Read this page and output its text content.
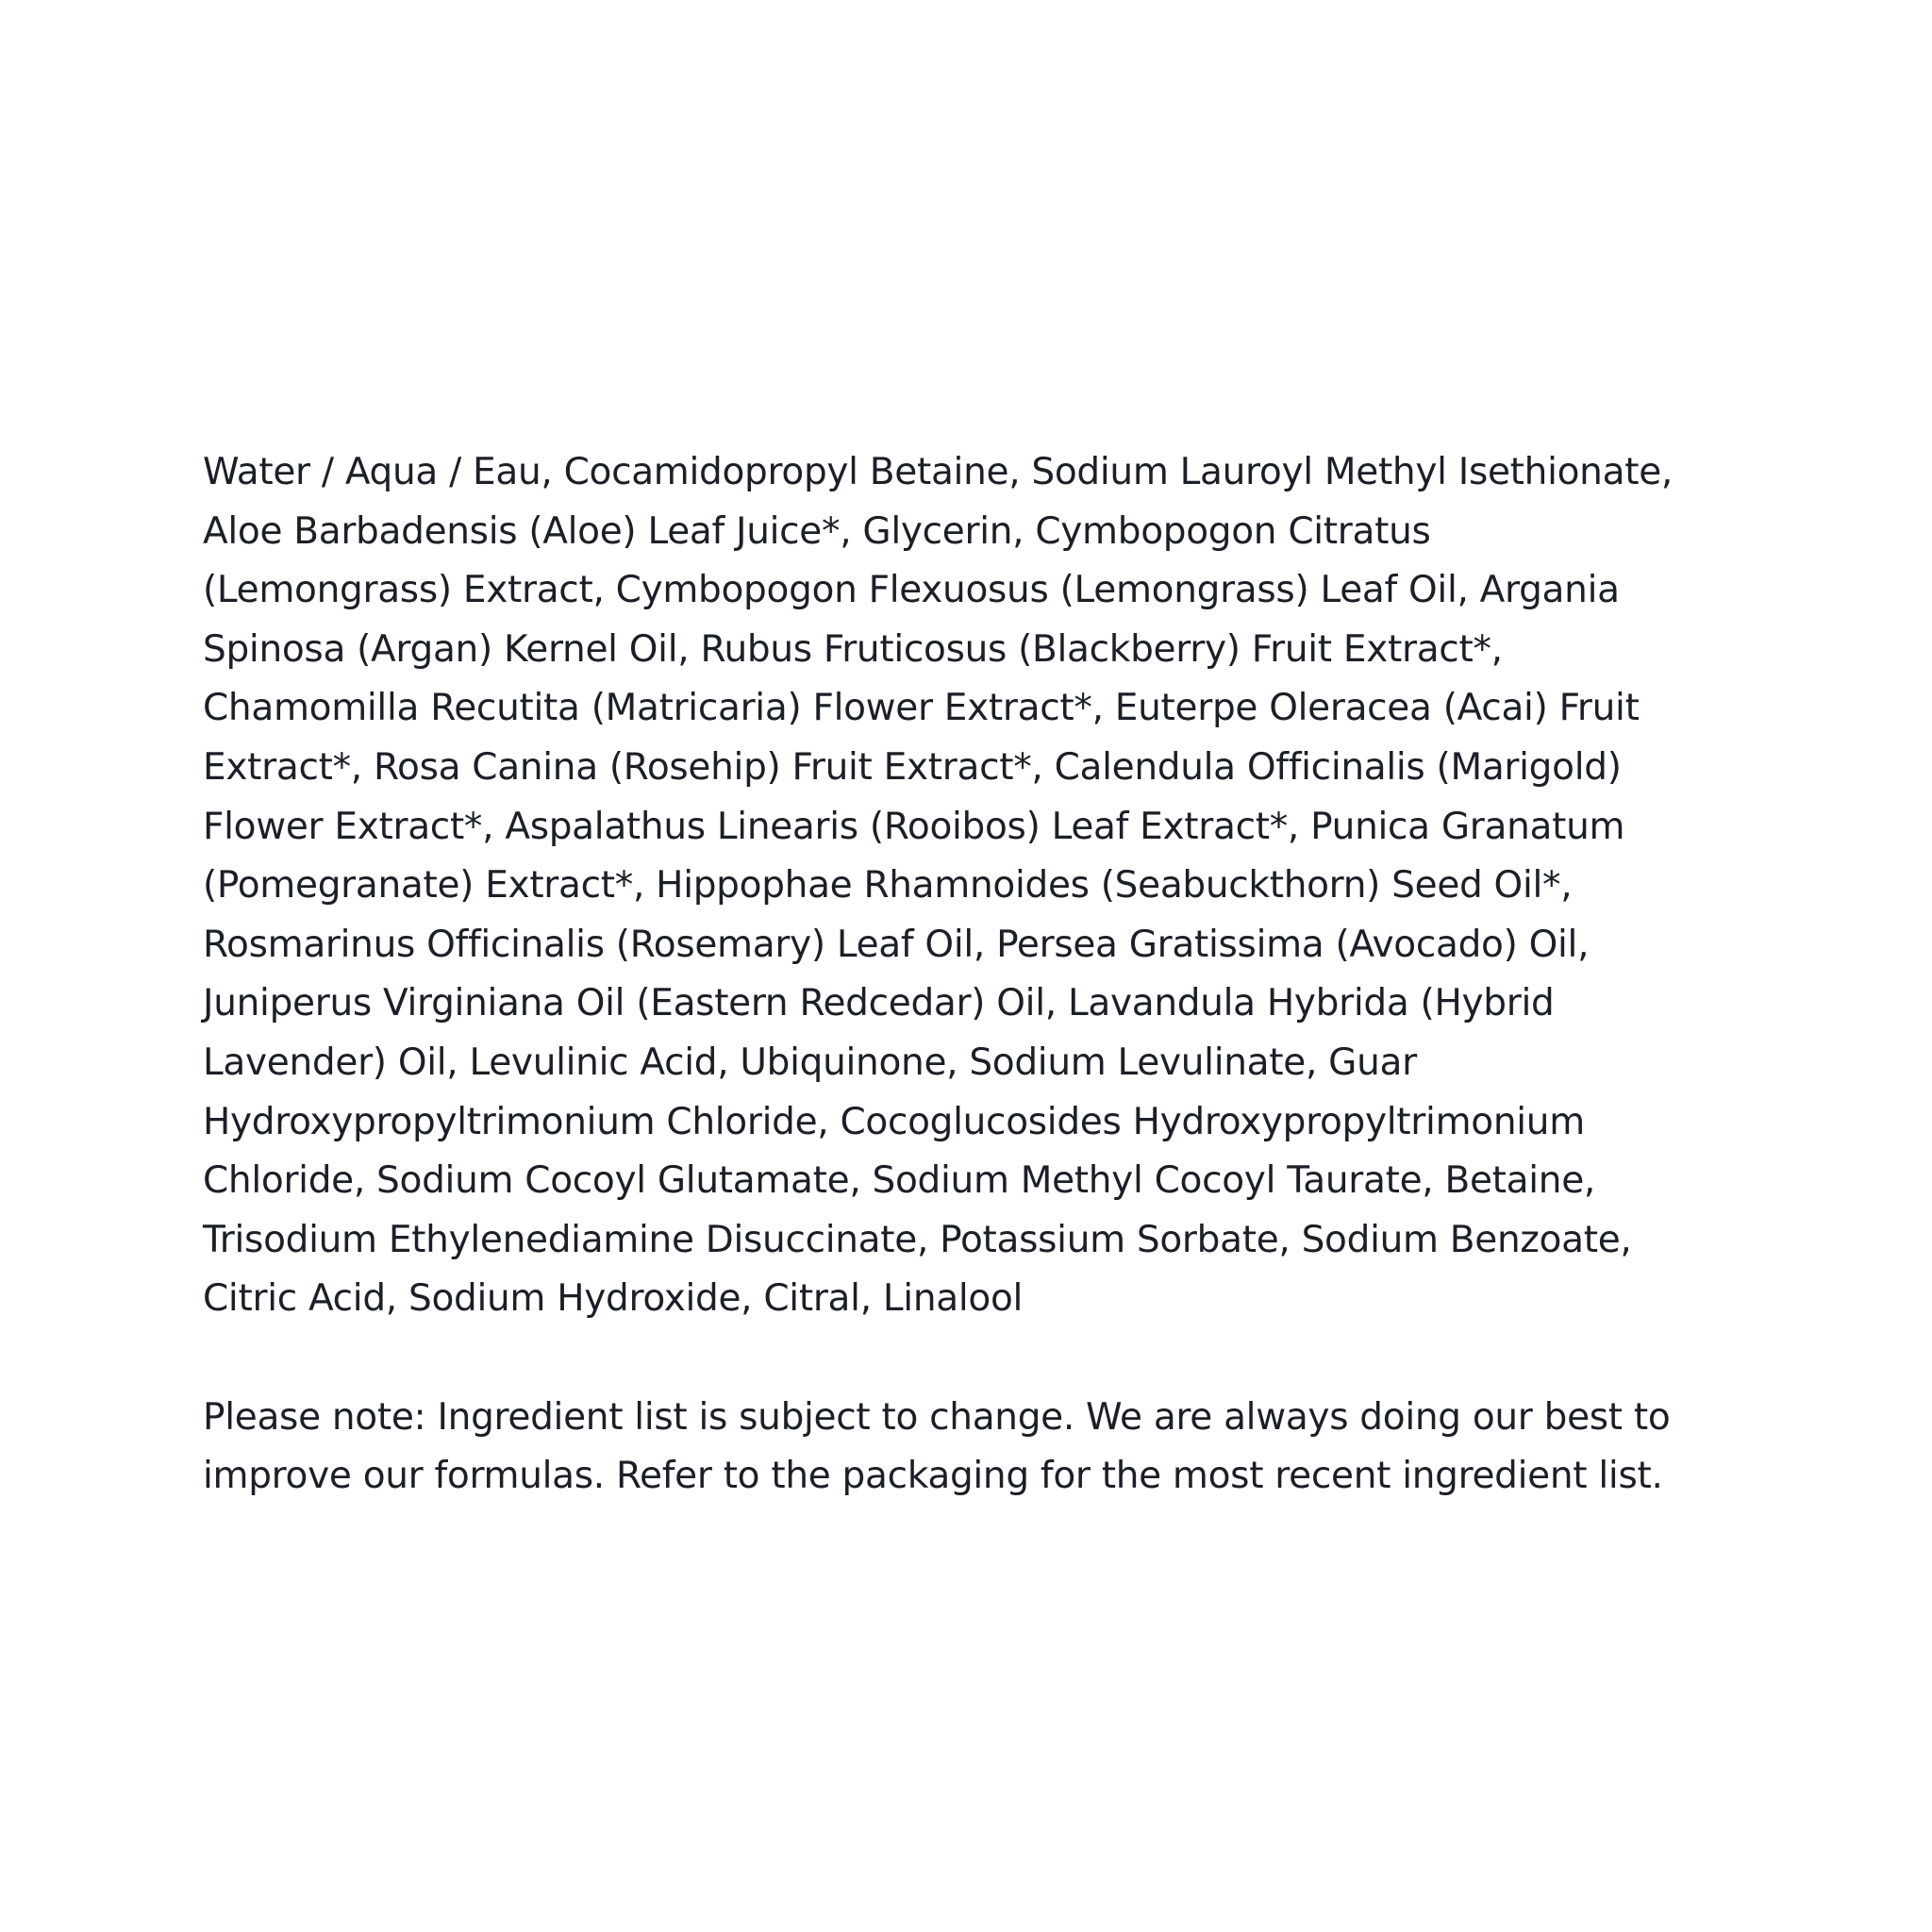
Water / Aqua / Eau, Cocamidopropyl Betaine, Sodium Lauroyl Methyl Isethionate,
Aloe Barbadensis (Aloe) Leaf Juice*, Glycerin, Cymbopogon Citratus
(Lemongrass) Extract, Cymbopogon Flexuosus (Lemongrass) Leaf Oil, Argania
Spinosa (Argan) Kernel Oil, Rubus Fruticosus (Blackberry) Fruit Extract*,
Chamomilla Recutita (Matricaria) Flower Extract*, Euterpe Oleracea (Acai) Fruit
Extract*, Rosa Canina (Rosehip) Fruit Extract*, Calendula Officinalis (Marigold)
Flower Extract*, Aspalathus Linearis (Rooibos) Leaf Extract*, Punica Granatum
(Pomegranate) Extract*, Hippophae Rhamnoides (Seabuckthorn) Seed Oil*,
Rosmarinus Officinalis (Rosemary) Leaf Oil, Persea Gratissima (Avocado) Oil,
Juniperus Virginiana Oil (Eastern Redcedar) Oil, Lavandula Hybrida (Hybrid
Lavender) Oil, Levulinic Acid, Ubiquinone, Sodium Levulinate, Guar
Hydroxypropyltrimonium Chloride, Cocoglucosides Hydroxypropyltrimonium
Chloride, Sodium Cocoyl Glutamate, Sodium Methyl Cocoyl Taurate, Betaine,
Trisodium Ethylenediamine Disuccinate, Potassium Sorbate, Sodium Benzoate,
Citric Acid, Sodium Hydroxide, Citral, Linalool

Please note: Ingredient list is subject to change. We are always doing our best to
improve our formulas. Refer to the packaging for the most recent ingredient list.
